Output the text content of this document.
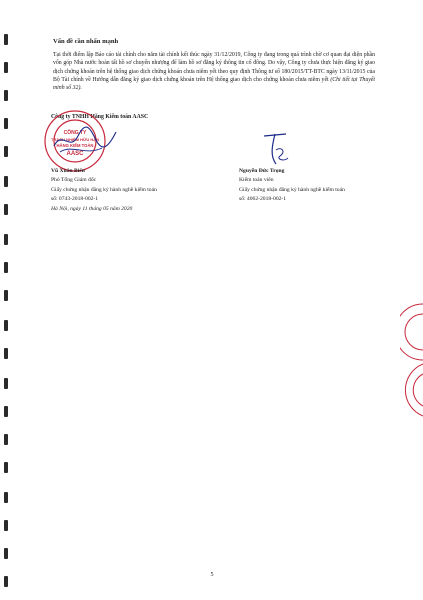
Vấn đề cần nhấn mạnh

Tại thời điểm lập Báo cáo tài chính cho năm tài chính kết thúc ngày 31/12/2019, Công ty đang trong quá trình chờ cơ quan đại diện phần vốn góp Nhà nước hoàn tất hồ sơ chuyển nhượng để làm hồ sơ đăng ký thông tin cổ đông. Do vậy, Công ty chưa thực hiện đăng ký giao dịch chứng khoán trên hệ thống giao dịch chứng khoán chưa niêm yết theo quy định Thông tư số 180/2015/TT-BTC ngày 13/11/2015 của Bộ Tài chính về Hướng dẫn đăng ký giao dịch chứng khoán trên Hệ thống giao dịch cho chứng khoán chưa niêm yết (Chi tiết tại Thuyết minh số 32).

Công ty TNHH Hãng Kiểm toán AASC
CÔNG TY
TRÁCH NHIỆM HỮU HẠN
HÃNG KIỂM TOÁN
AASC
Vũ Xuân Biển
Phó Tổng Giám đốc
Giấy chứng nhận đăng ký hành nghề kiểm toán
số: 0743-2018-002-1
Hà Nội, ngày 11 tháng 05 năm 2020
Nguyễn Đức Trọng
Kiểm toán viên
Giấy chứng nhận đăng ký hành nghề kiểm toán
số: 4062-2018-002-1
5
